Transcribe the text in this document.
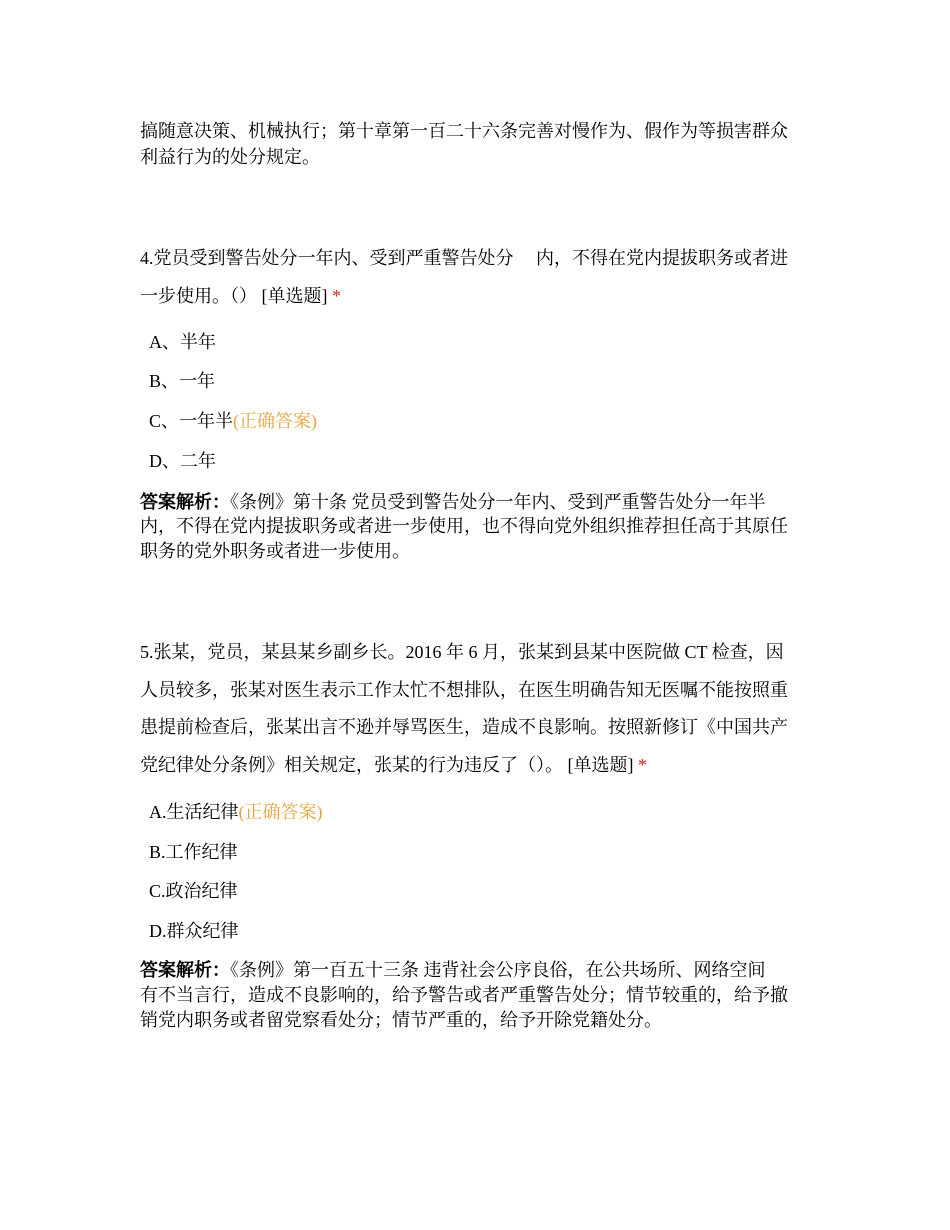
搞随意决策、机械执行；第十章第一百二十六条完善对慢作为、假作为等损害群众
利益行为的处分规定。
4.党员受到警告处分一年内、受到严重警告处分　 内，不得在党内提拔职务或者进
一步使用。（） [单选题] *
A、半年
B、一年
C、一年半(正确答案)
D、二年
答案解析：《条例》第十条 党员受到警告处分一年内、受到严重警告处分一年半
内，不得在党内提拔职务或者进一步使用，也不得向党外组织推荐担任高于其原任
职务的党外职务或者进一步使用。
5.张某，党员，某县某乡副乡长。2016 年 6 月，张某到县某中医院做 CT 检查，因
人员较多，张某对医生表示工作太忙不想排队，在医生明确告知无医嘱不能按照重
患提前检查后，张某出言不逊并辱骂医生，造成不良影响。按照新修订《中国共产
党纪律处分条例》相关规定，张某的行为违反了（）。 [单选题] *
A.生活纪律(正确答案)
B.工作纪律
C.政治纪律
D.群众纪律
答案解析：《条例》第一百五十三条 违背社会公序良俗，在公共场所、网络空间
有不当言行，造成不良影响的，给予警告或者严重警告处分；情节较重的，给予撤
销党内职务或者留党察看处分；情节严重的，给予开除党籍处分。
